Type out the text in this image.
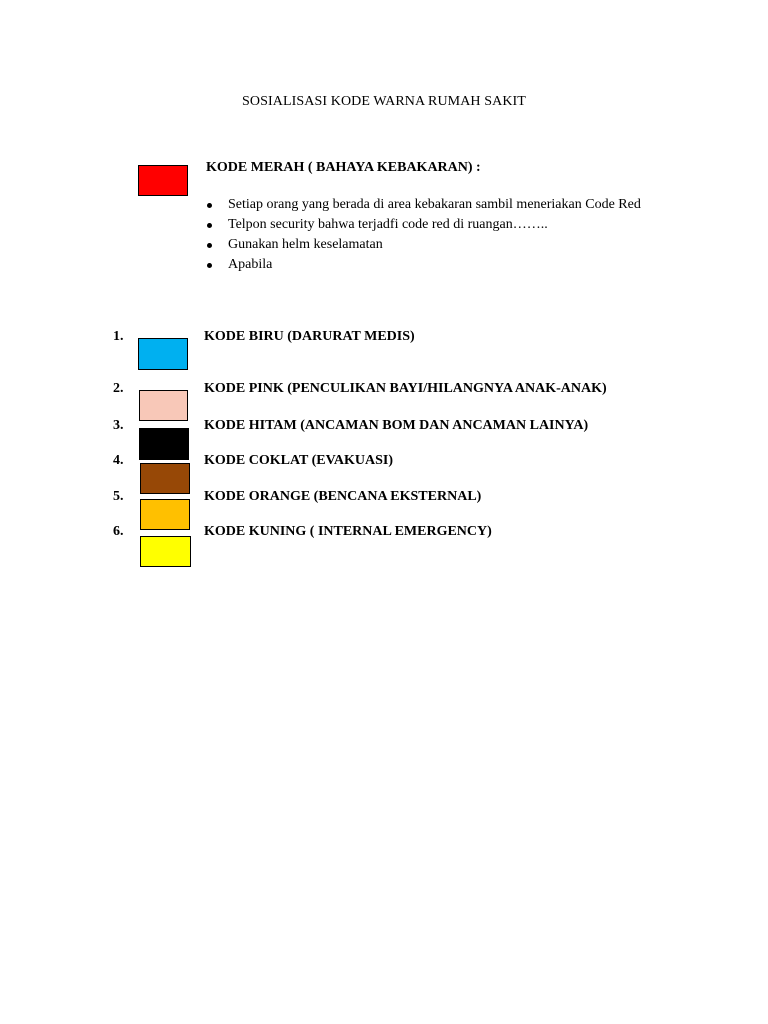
SOSIALISASI KODE WARNA RUMAH SAKIT
KODE MERAH ( BAHAYA KEBAKARAN) :
Setiap orang yang berada di area kebakaran sambil meneriakan Code Red
Telpon security bahwa terjadfi code red di ruangan……..
Gunakan helm keselamatan
Apabila
1.	KODE BIRU (DARURAT MEDIS)
2.	KODE PINK (PENCULIKAN BAYI/HILANGNYA ANAK-ANAK)
3.	KODE HITAM (ANCAMAN BOM DAN ANCAMAN LAINYA)
4.	KODE COKLAT (EVAKUASI)
5.	KODE ORANGE (BENCANA EKSTERNAL)
6.	KODE KUNING ( INTERNAL EMERGENCY)
